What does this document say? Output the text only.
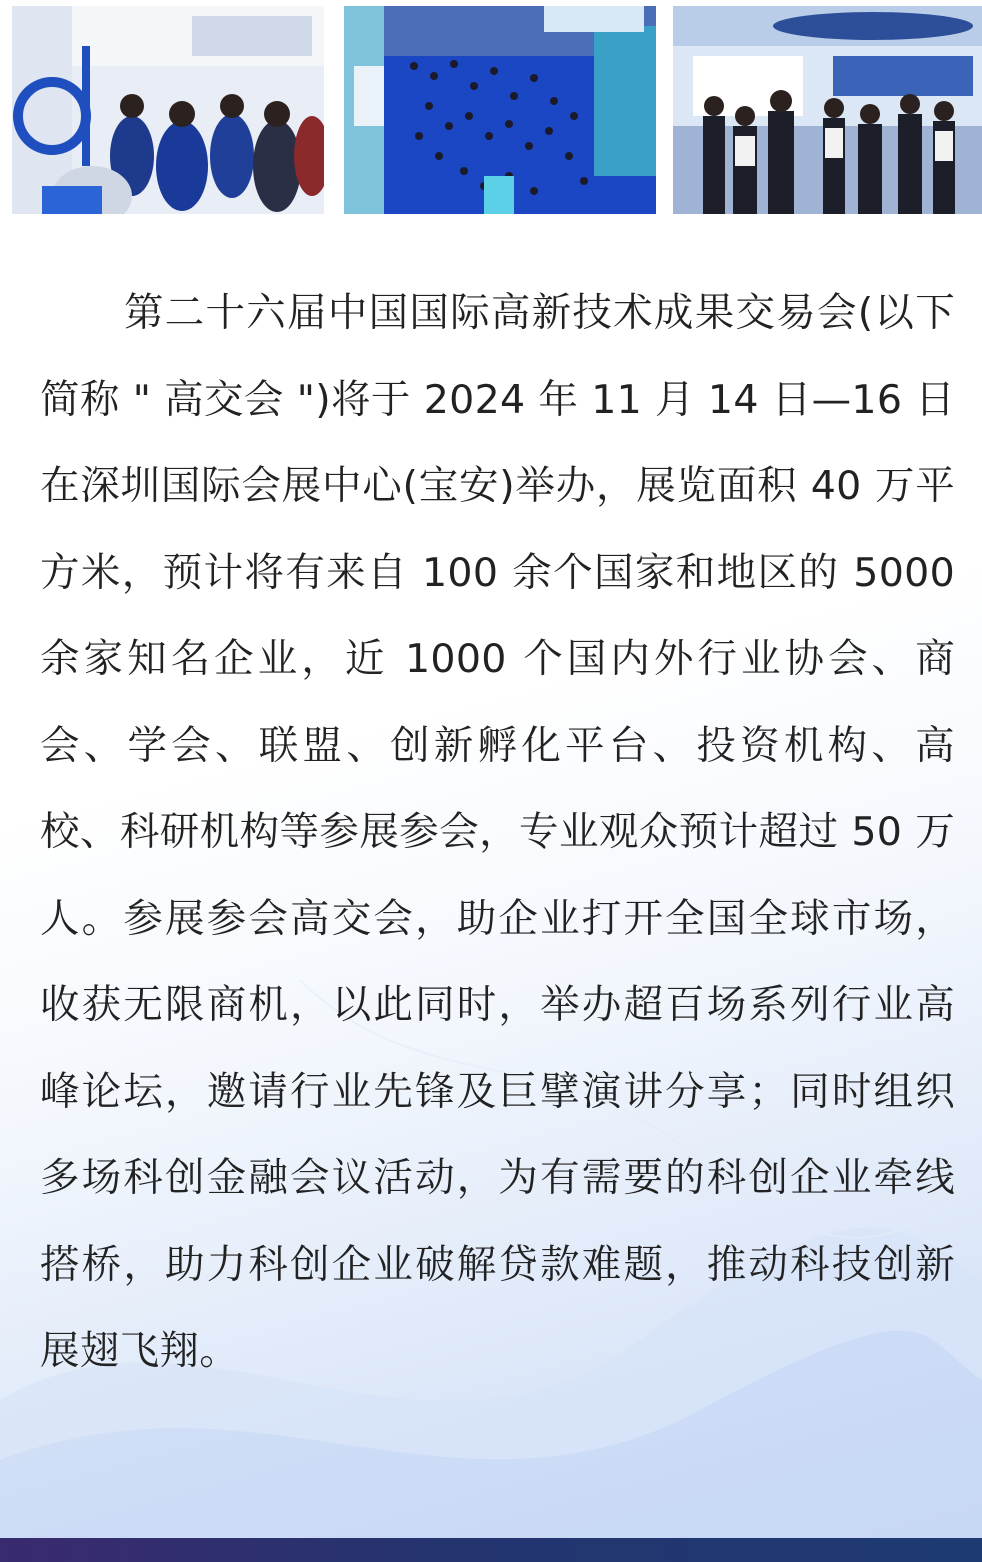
第二十六届中国国际高新技术成果交易会(以下简称 " 高交会 ")将于 2024 年 11 月 14 日—16 日在深圳国际会展中心(宝安)举办，展览面积 40 万平方米，预计将有来自 100 余个国家和地区的 5000 余家知名企业，近 1000 个国内外行业协会、商会、学会、联盟、创新孵化平台、投资机构、高校、科研机构等参展参会，专业观众预计超过 50 万人。参展参会高交会，助企业打开全国全球市场，收获无限商机，以此同时，举办超百场系列行业高峰论坛，邀请行业先锋及巨擘演讲分享；同时组织多场科创金融会议活动，为有需要的科创企业牵线搭桥，助力科创企业破解贷款难题，推动科技创新展翅飞翔。
